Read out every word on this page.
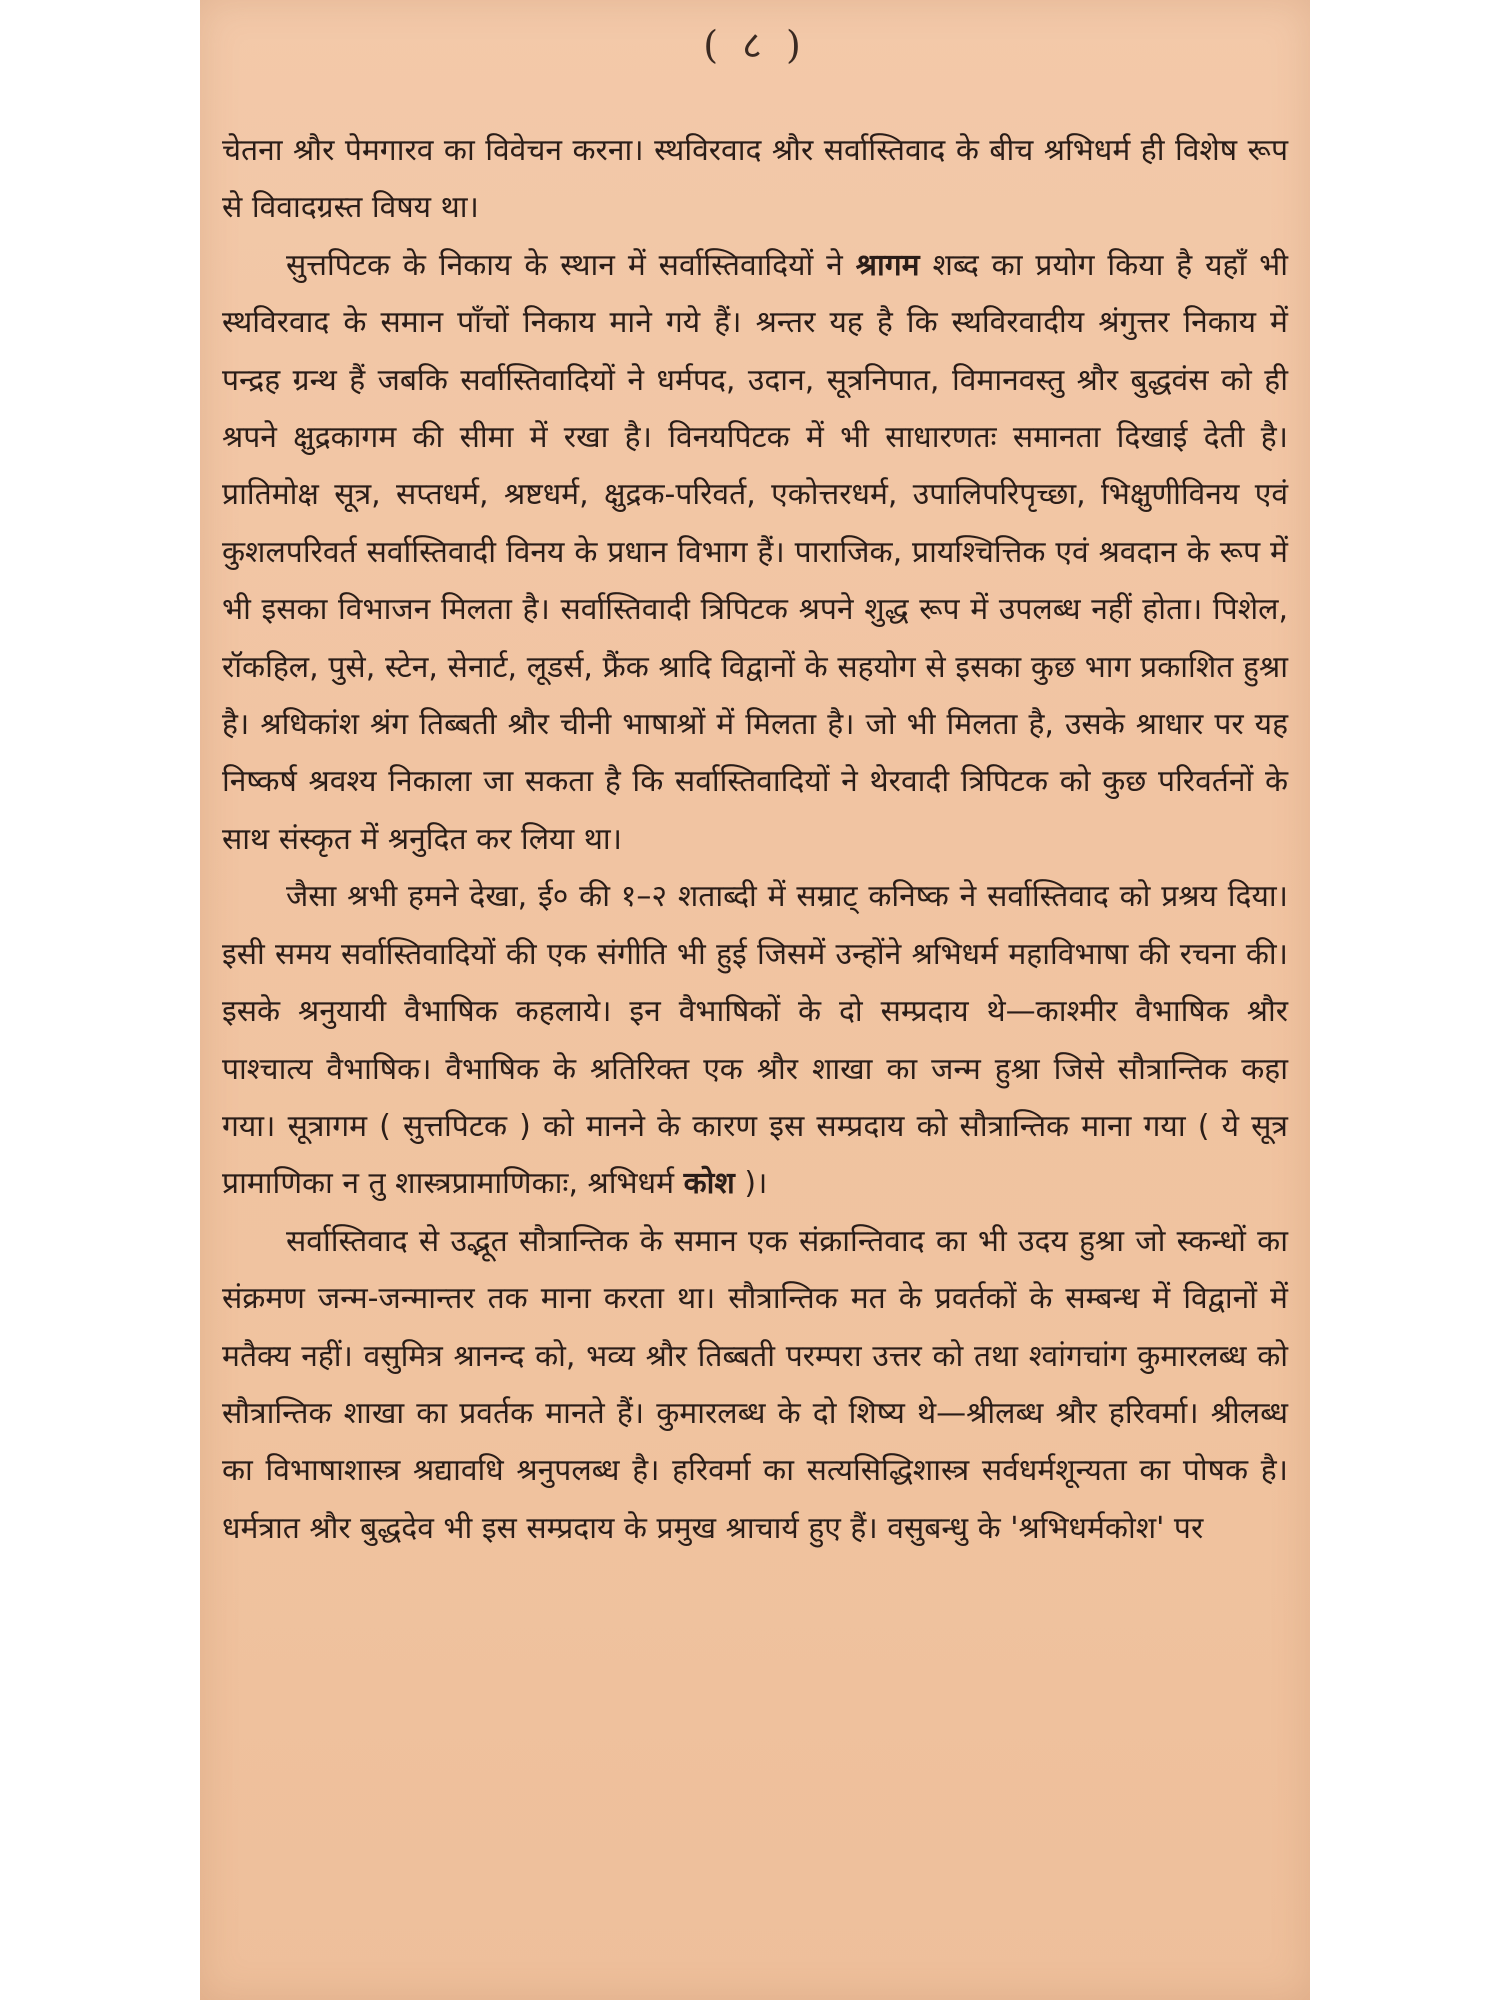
( ८ )
चेतना श्रौर पेमगारव का विवेचन करना। स्थविरवाद श्रौर सर्वास्तिवाद के बीच श्रभिधर्म ही विशेष रूप से विवादग्रस्त विषय था।
सुत्तपिटक के निकाय के स्थान में सर्वास्तिवादियों ने श्रागम शब्द का प्रयोग किया है यहाँ भी स्थविरवाद के समान पाँचों निकाय माने गये हैं। श्रन्तर यह है कि स्थविरवादीय श्रंगुत्तर निकाय में पन्द्रह ग्रन्थ हैं जबकि सर्वास्तिवादियों ने धर्मपद, उदान, सूत्रनिपात, विमानवस्तु श्रौर बुद्धवंस को ही श्रपने क्षुद्रकागम की सीमा में रखा है। विनयपिटक में भी साधारणतः समानता दिखाई देती है। प्रातिमोक्ष सूत्र, सप्तधर्म, श्रष्टधर्म, क्षुद्रक-परिवर्त, एकोत्तरधर्म, उपालिपरिपृच्छा, भिक्षुणीविनय एवं कुशलपरिवर्त सर्वास्तिवादी विनय के प्रधान विभाग हैं। पाराजिक, प्रायश्चित्तिक एवं श्रवदान के रूप में भी इसका विभाजन मिलता है। सर्वास्तिवादी त्रिपिटक श्रपने शुद्ध रूप में उपलब्ध नहीं होता। पिशेल, रॉकहिल, पुसे, स्टेन, सेनार्ट, लूडर्स, फ्रैंक श्रादि विद्वानों के सहयोग से इसका कुछ भाग प्रकाशित हुश्रा है। श्रधिकांश श्रंग तिब्बती श्रौर चीनी भाषाश्रों में मिलता है। जो भी मिलता है, उसके श्राधार पर यह निष्कर्ष श्रवश्य निकाला जा सकता है कि सर्वास्तिवादियों ने थेरवादी त्रिपिटक को कुछ परिवर्तनों के साथ संस्कृत में श्रनुदित कर लिया था।
जैसा श्रभी हमने देखा, ई० की १–२ शताब्दी में सम्राट् कनिष्क ने सर्वास्तिवाद को प्रश्रय दिया। इसी समय सर्वास्तिवादियों की एक संगीति भी हुई जिसमें उन्होंने श्रभिधर्म महाविभाषा की रचना की। इसके श्रनुयायी वैभाषिक कहलाये। इन वैभाषिकों के दो सम्प्रदाय थे—काश्मीर वैभाषिक श्रौर पाश्चात्य वैभाषिक। वैभाषिक के श्रतिरिक्त एक श्रौर शाखा का जन्म हुश्रा जिसे सौत्रान्तिक कहा गया। सूत्रागम ( सुत्तपिटक ) को मानने के कारण इस सम्प्रदाय को सौत्रान्तिक माना गया ( ये सूत्र प्रामाणिका न तु शास्त्रप्रामाणिकाः, श्रभिधर्म कोश )।
सर्वास्तिवाद से उद्भूत सौत्रान्तिक के समान एक संक्रान्तिवाद का भी उदय हुश्रा जो स्कन्धों का संक्रमण जन्म-जन्मान्तर तक माना करता था। सौत्रान्तिक मत के प्रवर्तकों के सम्बन्ध में विद्वानों में मतैक्य नहीं। वसुमित्र श्रानन्द को, भव्य श्रौर तिब्बती परम्परा उत्तर को तथा श्वांगचांग कुमारलब्ध को सौत्रान्तिक शाखा का प्रवर्तक मानते हैं। कुमारलब्ध के दो शिष्य थे—श्रीलब्ध श्रौर हरिवर्मा। श्रीलब्ध का विभाषाशास्त्र श्रद्यावधि श्रनुपलब्ध है। हरिवर्मा का सत्यसिद्धिशास्त्र सर्वधर्मशून्यता का पोषक है। धर्मत्रात श्रौर बुद्धदेव भी इस सम्प्रदाय के प्रमुख श्राचार्य हुए हैं। वसुबन्धु के 'श्रभिधर्मकोश' पर
